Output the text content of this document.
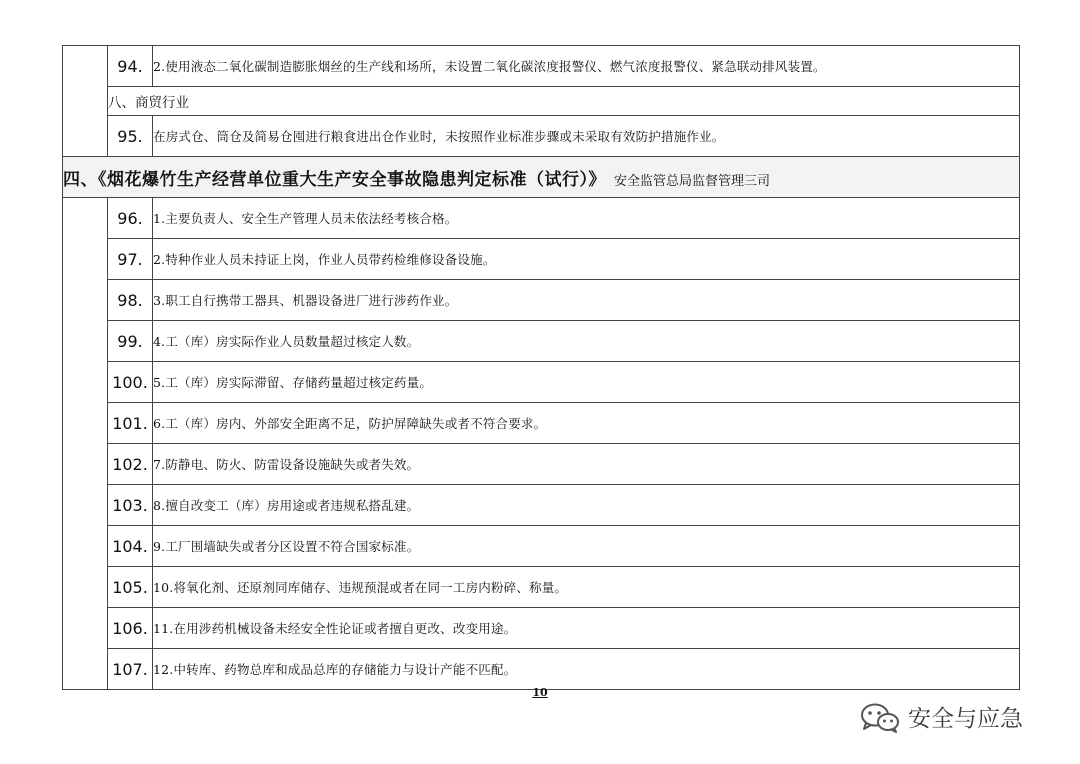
	94.	2.使用液态二氧化碳制造膨胀烟丝的生产线和场所，未设置二氧化碳浓度报警仪、燃气浓度报警仪、紧急联动排风装置。
	八、商贸行业	
	95.	在房式仓、筒仓及简易仓囤进行粮食进出仓作业时，未按照作业标准步骤或未采取有效防护措施作业。
四、《烟花爆竹生产经营单位重大生产安全事故隐患判定标准（试行）》 安全监管总局监督管理三司		
	96.	1.主要负责人、安全生产管理人员未依法经考核合格。
	97.	2.特种作业人员未持证上岗，作业人员带药检维修设备设施。
	98.	3.职工自行携带工器具、机器设备进厂进行涉药作业。
	99.	4.工（库）房实际作业人员数量超过核定人数。
	100.	5.工（库）房实际滞留、存储药量超过核定药量。
	101.	6.工（库）房内、外部安全距离不足，防护屏障缺失或者不符合要求。
	102.	7.防静电、防火、防雷设备设施缺失或者失效。
	103.	8.擅自改变工（库）房用途或者违规私搭乱建。
	104.	9.工厂围墙缺失或者分区设置不符合国家标准。
	105.	10.将氧化剂、还原剂同库储存、违规预混或者在同一工房内粉碎、称量。
	106.	11.在用涉药机械设备未经安全性论证或者擅自更改、改变用途。
	107.	12.中转库、药物总库和成品总库的存储能力与设计产能不匹配。
10
安全与应急
